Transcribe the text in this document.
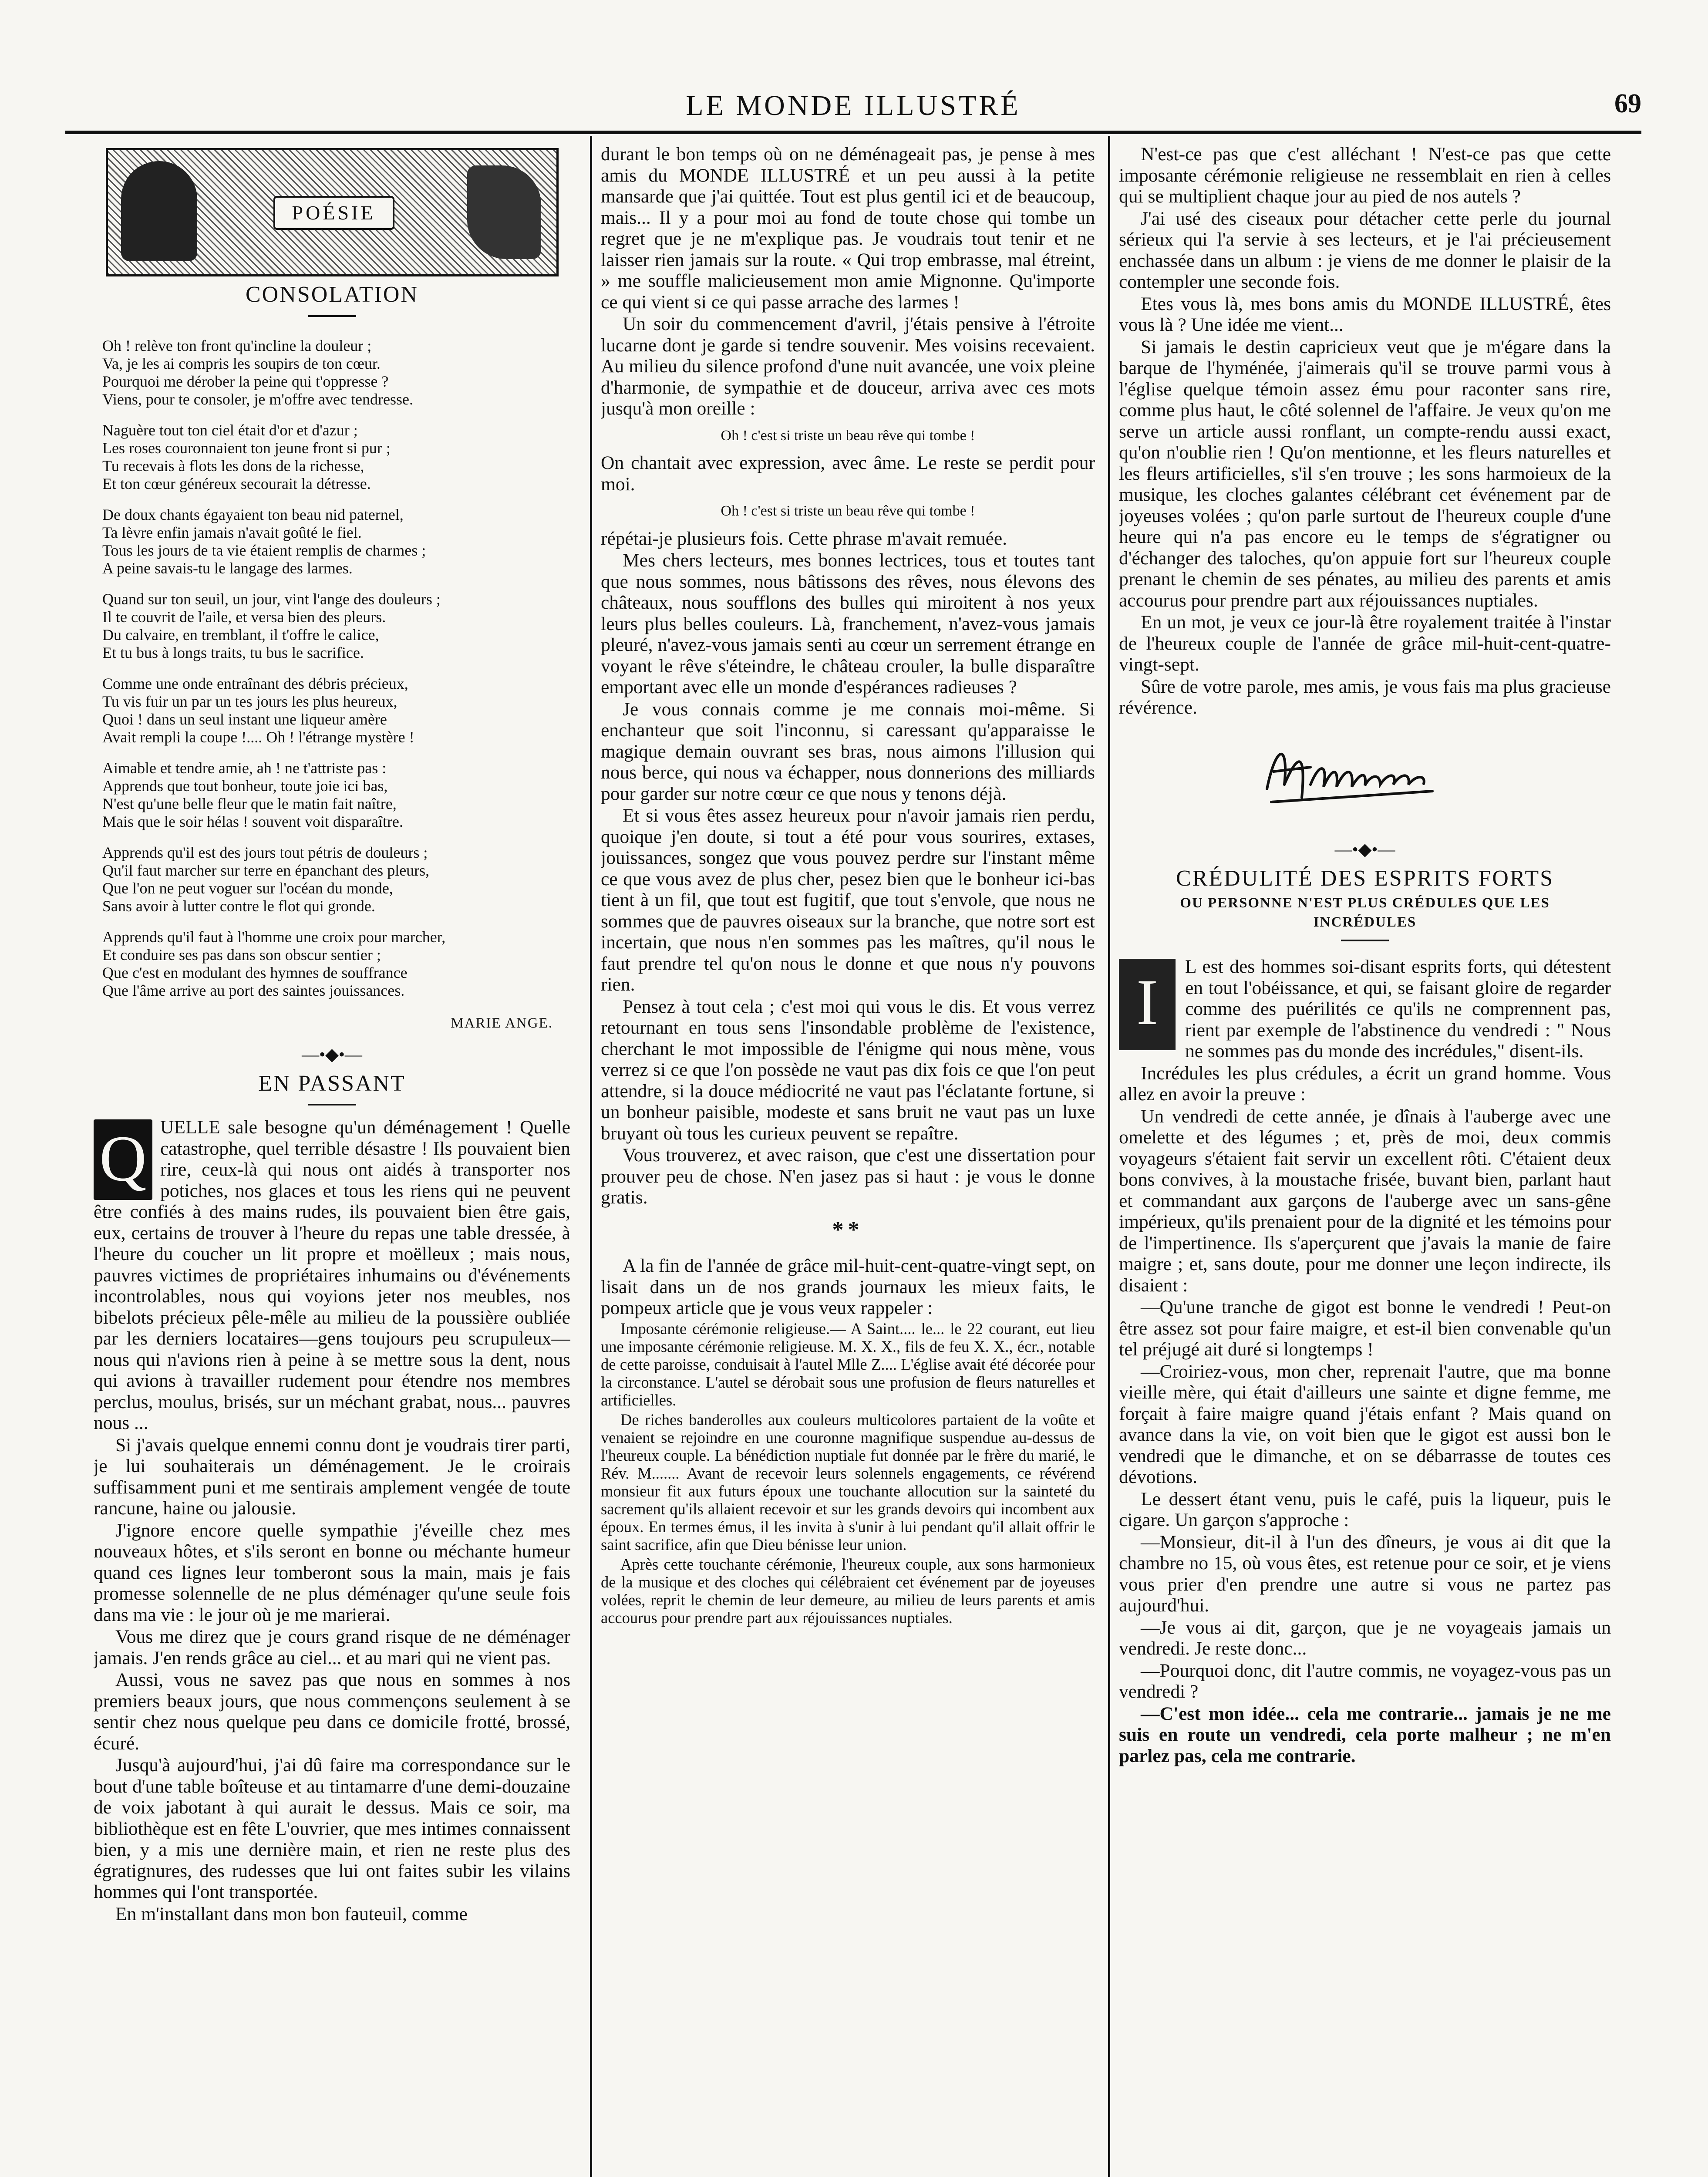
LE MONDE ILLUSTRÉ	69
POÉSIE
CONSOLATION
Oh ! relève ton front qu'incline la douleur ;
Va, je les ai compris les soupirs de ton cœur.
Pourquoi me dérober la peine qui t'oppresse ?
Viens, pour te consoler, je m'offre avec tendresse.
Naguère tout ton ciel était d'or et d'azur ;
Les roses couronnaient ton jeune front si pur ;
Tu recevais à flots les dons de la richesse,
Et ton cœur généreux secourait la détresse.
De doux chants égayaient ton beau nid paternel,
Ta lèvre enfin jamais n'avait goûté le fiel.
Tous les jours de ta vie étaient remplis de charmes ;
A peine savais-tu le langage des larmes.
Quand sur ton seuil, un jour, vint l'ange des douleurs ;
Il te couvrit de l'aile, et versa bien des pleurs.
Du calvaire, en tremblant, il t'offre le calice,
Et tu bus à longs traits, tu bus le sacrifice.
Comme une onde entraînant des débris précieux,
Tu vis fuir un par un tes jours les plus heureux,
Quoi ! dans un seul instant une liqueur amère
Avait rempli la coupe !.... Oh ! l'étrange mystère !
Aimable et tendre amie, ah ! ne t'attriste pas :
Apprends que tout bonheur, toute joie ici bas,
N'est qu'une belle fleur que le matin fait naître,
Mais que le soir hélas ! souvent voit disparaître.
Apprends qu'il est des jours tout pétris de douleurs ;
Qu'il faut marcher sur terre en épanchant des pleurs,
Que l'on ne peut voguer sur l'océan du monde,
Sans avoir à lutter contre le flot qui gronde.
Apprends qu'il faut à l'homme une croix pour marcher,
Et conduire ses pas dans son obscur sentier ;
Que c'est en modulant des hymnes de souffrance
Que l'âme arrive au port des saintes jouissances.
MARIE ANGE.
—•◆•—
EN PASSANT
Q UELLE sale besogne qu'un déménagement ! Quelle catastrophe, quel terrible désastre ! Ils pouvaient bien rire, ceux-là qui nous ont aidés à transporter nos potiches, nos glaces et tous les riens qui ne peuvent être confiés à des mains rudes, ils pouvaient bien être gais, eux, certains de trouver à l'heure du repas une table dressée, à l'heure du coucher un lit propre et moëlleux ; mais nous, pauvres victimes de propriétaires inhumains ou d'événements incontrolables, nous qui voyions jeter nos meubles, nos bibelots précieux pêle-mêle au milieu de la poussière oubliée par les derniers locataires—gens toujours peu scrupuleux—nous qui n'avions rien à peine à se mettre sous la dent, nous qui avions à travailler rudement pour étendre nos membres perclus, moulus, brisés, sur un méchant grabat, nous... pauvres nous ...

Si j'avais quelque ennemi connu dont je voudrais tirer parti, je lui souhaiterais un déménagement. Je le croirais suffisamment puni et me sentirais amplement vengée de toute rancune, haine ou jalousie.

J'ignore encore quelle sympathie j'éveille chez mes nouveaux hôtes, et s'ils seront en bonne ou méchante humeur quand ces lignes leur tomberont sous la main, mais je fais promesse solennelle de ne plus déménager qu'une seule fois dans ma vie : le jour où je me marierai.

Vous me direz que je cours grand risque de ne déménager jamais. J'en rends grâce au ciel... et au mari qui ne vient pas.

Aussi, vous ne savez pas que nous en sommes à nos premiers beaux jours, que nous commençons seulement à se sentir chez nous quelque peu dans ce domicile frotté, brossé, écuré.

Jusqu'à aujourd'hui, j'ai dû faire ma correspondance sur le bout d'une table boîteuse et au tintamarre d'une demi-douzaine de voix jabotant à qui aurait le dessus. Mais ce soir, ma bibliothèque est en fête L'ouvrier, que mes intimes connaissent bien, y a mis une dernière main, et rien ne reste plus des égratignures, des rudesses que lui ont faites subir les vilains hommes qui l'ont transportée.

En m'installant dans mon bon fauteuil, comme

durant le bon temps où on ne déménageait pas, je pense à mes amis du MONDE ILLUSTRÉ et un peu aussi à la petite mansarde que j'ai quittée. Tout est plus gentil ici et de beaucoup, mais... Il y a pour moi au fond de toute chose qui tombe un regret que je ne m'explique pas. Je voudrais tout tenir et ne laisser rien jamais sur la route. « Qui trop embrasse, mal étreint, » me souffle malicieusement mon amie Mignonne. Qu'importe ce qui vient si ce qui passe arrache des larmes !

Un soir du commencement d'avril, j'étais pensive à l'étroite lucarne dont je garde si tendre souvenir. Mes voisins recevaient. Au milieu du silence profond d'une nuit avancée, une voix pleine d'harmonie, de sympathie et de douceur, arriva avec ces mots jusqu'à mon oreille :

Oh ! c'est si triste un beau rêve qui tombe !

On chantait avec expression, avec âme. Le reste se perdit pour moi.

Oh ! c'est si triste un beau rêve qui tombe !

répétai-je plusieurs fois. Cette phrase m'avait remuée.

Mes chers lecteurs, mes bonnes lectrices, tous et toutes tant que nous sommes, nous bâtissons des rêves, nous élevons des châteaux, nous soufflons des bulles qui miroitent à nos yeux leurs plus belles couleurs. Là, franchement, n'avez-vous jamais pleuré, n'avez-vous jamais senti au cœur un serrement étrange en voyant le rêve s'éteindre, le château crouler, la bulle disparaître emportant avec elle un monde d'espérances radieuses ?

Je vous connais comme je me connais moi-même. Si enchanteur que soit l'inconnu, si caressant qu'apparaisse le magique demain ouvrant ses bras, nous aimons l'illusion qui nous berce, qui nous va échapper, nous donnerions des milliards pour garder sur notre cœur ce que nous y tenons déjà.

Et si vous êtes assez heureux pour n'avoir jamais rien perdu, quoique j'en doute, si tout a été pour vous sourires, extases, jouissances, songez que vous pouvez perdre sur l'instant même ce que vous avez de plus cher, pesez bien que le bonheur ici-bas tient à un fil, que tout est fugitif, que tout s'envole, que nous ne sommes que de pauvres oiseaux sur la branche, que notre sort est incertain, que nous n'en sommes pas les maîtres, qu'il nous le faut prendre tel qu'on nous le donne et que nous n'y pouvons rien.

Pensez à tout cela ; c'est moi qui vous le dis. Et vous verrez retournant en tous sens l'insondable problème de l'existence, cherchant le mot impossible de l'énigme qui nous mène, vous verrez si ce que l'on possède ne vaut pas dix fois ce que l'on peut attendre, si la douce médiocrité ne vaut pas l'éclatante fortune, si un bonheur paisible, modeste et sans bruit ne vaut pas un luxe bruyant où tous les curieux peuvent se repaître.

Vous trouverez, et avec raison, que c'est une dissertation pour prouver peu de chose. N'en jasez pas si haut : je vous le donne gratis.

**

A la fin de l'année de grâce mil-huit-cent-quatre-vingt sept, on lisait dans un de nos grands journaux les mieux faits, le pompeux article que je vous veux rappeler :

Imposante cérémonie religieuse.— A Saint.... le... le 22 courant, eut lieu une imposante cérémonie religieuse. M. X. X., fils de feu X. X., écr., notable de cette paroisse, conduisait à l'autel Mlle Z.... L'église avait été décorée pour la circonstance. L'autel se dérobait sous une profusion de fleurs naturelles et artificielles.

De riches banderolles aux couleurs multicolores partaient de la voûte et venaient se rejoindre en une couronne magnifique suspendue au-dessus de l'heureux couple. La bénédiction nuptiale fut donnée par le frère du marié, le Rév. M....... Avant de recevoir leurs solennels engagements, ce révérend monsieur fit aux futurs époux une touchante allocution sur la sainteté du sacrement qu'ils allaient recevoir et sur les grands devoirs qui incombent aux époux. En termes émus, il les invita à s'unir à lui pendant qu'il allait offrir le saint sacrifice, afin que Dieu bénisse leur union.

Après cette touchante cérémonie, l'heureux couple, aux sons harmonieux de la musique et des cloches qui célébraient cet événement par de joyeuses volées, reprit le chemin de leur demeure, au milieu de leurs parents et amis accourus pour prendre part aux réjouissances nuptiales.

N'est-ce pas que c'est alléchant ! N'est-ce pas que cette imposante cérémonie religieuse ne ressemblait en rien à celles qui se multiplient chaque jour au pied de nos autels ?

J'ai usé des ciseaux pour détacher cette perle du journal sérieux qui l'a servie à ses lecteurs, et je l'ai précieusement enchassée dans un album : je viens de me donner le plaisir de la contempler une seconde fois.

Etes vous là, mes bons amis du MONDE ILLUSTRÉ, êtes vous là ? Une idée me vient...

Si jamais le destin capricieux veut que je m'égare dans la barque de l'hyménée, j'aimerais qu'il se trouve parmi vous à l'église quelque témoin assez ému pour raconter sans rire, comme plus haut, le côté solennel de l'affaire. Je veux qu'on me serve un article aussi ronflant, un compte-rendu aussi exact, qu'on n'oublie rien ! Qu'on mentionne, et les fleurs naturelles et les fleurs artificielles, s'il s'en trouve ; les sons harmoieux de la musique, les cloches galantes célébrant cet événement par de joyeuses volées ; qu'on parle surtout de l'heureux couple d'une heure qui n'a pas encore eu le temps de s'égratigner ou d'échanger des taloches, qu'on appuie fort sur l'heureux couple prenant le chemin de ses pénates, au milieu des parents et amis accourus pour prendre part aux réjouissances nuptiales.

En un mot, je veux ce jour-là être royalement traitée à l'instar de l'heureux couple de l'année de grâce mil-huit-cent-quatre-vingt-sept.

Sûre de votre parole, mes amis, je vous fais ma plus gracieuse révérence.

—•◆•—
CRÉDULITÉ DES ESPRITS FORTS
OU PERSONNE N'EST PLUS CRÉDULES QUE LES INCRÉDULES
I	L est des hommes soi-disant esprits forts, qui détestent en tout l'obéissance, et qui, se faisant gloire de regarder comme des puérilités ce qu'ils ne comprennent pas, rient par exemple de l'abstinence du vendredi : " Nous ne sommes pas du monde des incrédules," disent-ils.

Incrédules les plus crédules, a écrit un grand homme. Vous allez en avoir la preuve :

Un vendredi de cette année, je dînais à l'auberge avec une omelette et des légumes ; et, près de moi, deux commis voyageurs s'étaient fait servir un excellent rôti. C'étaient deux bons convives, à la moustache frisée, buvant bien, parlant haut et commandant aux garçons de l'auberge avec un sans-gêne impérieux, qu'ils prenaient pour de la dignité et les témoins pour de l'impertinence. Ils s'aperçurent que j'avais la manie de faire maigre ; et, sans doute, pour me donner une leçon indirecte, ils disaient :

—Qu'une tranche de gigot est bonne le vendredi ! Peut-on être assez sot pour faire maigre, et est-il bien convenable qu'un tel préjugé ait duré si longtemps !

—Croiriez-vous, mon cher, reprenait l'autre, que ma bonne vieille mère, qui était d'ailleurs une sainte et digne femme, me forçait à faire maigre quand j'étais enfant ? Mais quand on avance dans la vie, on voit bien que le gigot est aussi bon le vendredi que le dimanche, et on se débarrasse de toutes ces dévotions.

Le dessert étant venu, puis le café, puis la liqueur, puis le cigare. Un garçon s'approche :

—Monsieur, dit-il à l'un des dîneurs, je vous ai dit que la chambre no 15, où vous êtes, est retenue pour ce soir, et je viens vous prier d'en prendre une autre si vous ne partez pas aujourd'hui.

—Je vous ai dit, garçon, que je ne voyageais jamais un vendredi. Je reste donc...

—Pourquoi donc, dit l'autre commis, ne voyagez-vous pas un vendredi ?

—C'est mon idée... cela me contrarie... jamais je ne me suis en route un vendredi, cela porte malheur ; ne m'en parlez pas, cela me contrarie.
